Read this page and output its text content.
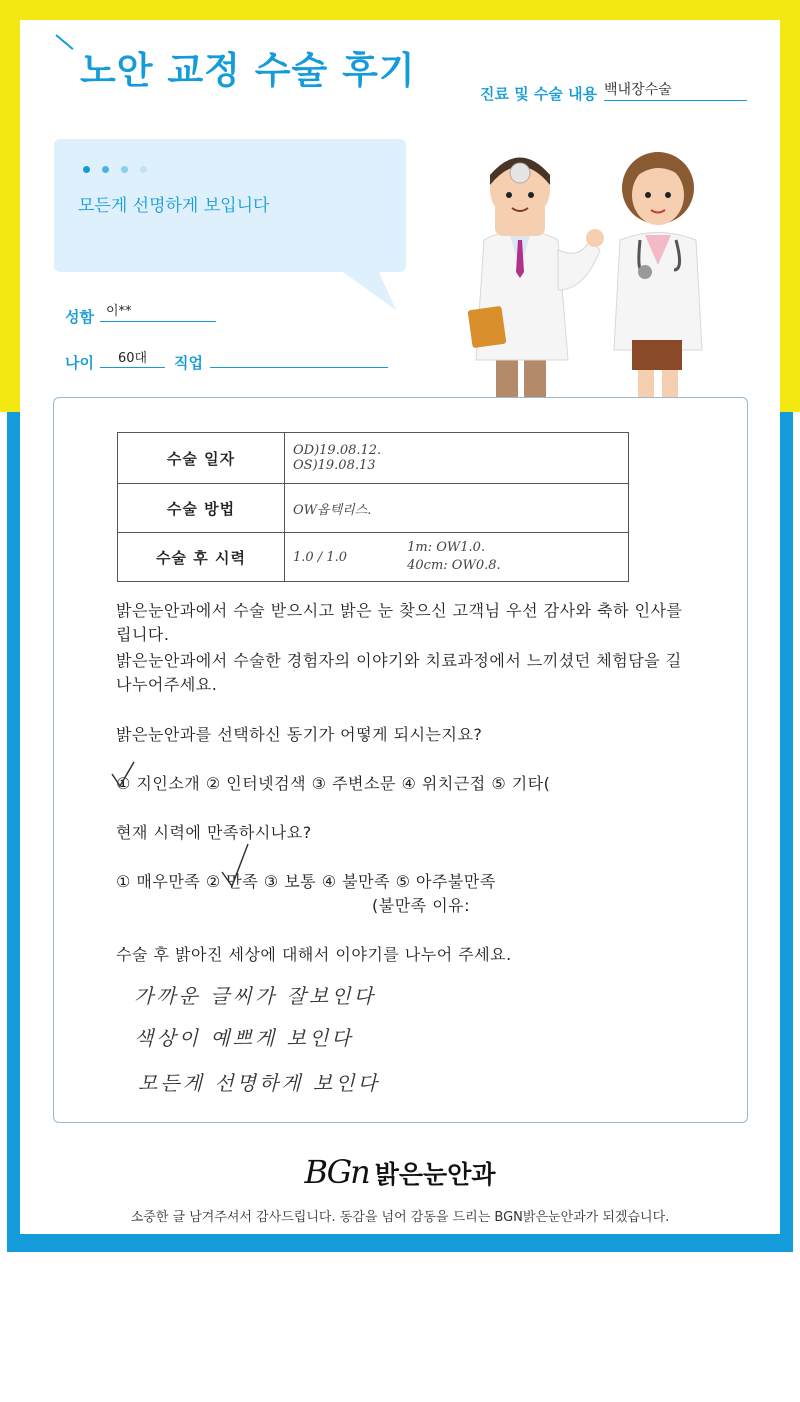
노안 교정 수술 후기
진료 및 수술 내용 백내장수술
모든게 선명하게 보입니다
성함 이**
나이	60대	직업
수술 일자	OD)19.08.12.
OS)19.08.13

수술 방법	OW옵텍리스.
수술 후 시력	1.0 / 1.0 1m: OW1.0.
40cm: OW0.8.
밝은눈안과에서 수술 받으시고 밝은 눈 찾으신 고객님 우선 감사와 축하 인사를
립니다.
밝은눈안과에서 수술한 경험자의 이야기와 치료과정에서 느끼셨던 체험담을 길
나누어주세요.
밝은눈안과를 선택하신 동기가 어떻게 되시는지요?
① 지인소개 ② 인터넷검색 ③ 주변소문 ④ 위치근접 ⑤ 기타(
현재 시력에 만족하시나요?
① 매우만족 ② 만족 ③ 보통 ④ 불만족 ⑤ 아주불만족
(불만족 이유:
수술 후 밝아진 세상에 대해서 이야기를 나누어 주세요.
가까운 글씨가 잘보인다
색상이 예쁘게 보인다
모든게 선명하게 보인다
BGn 밝은눈안과
소중한 글 남겨주셔서 감사드립니다. 동감을 넘어 감동을 드리는 BGN밝은눈안과가 되겠습니다.
